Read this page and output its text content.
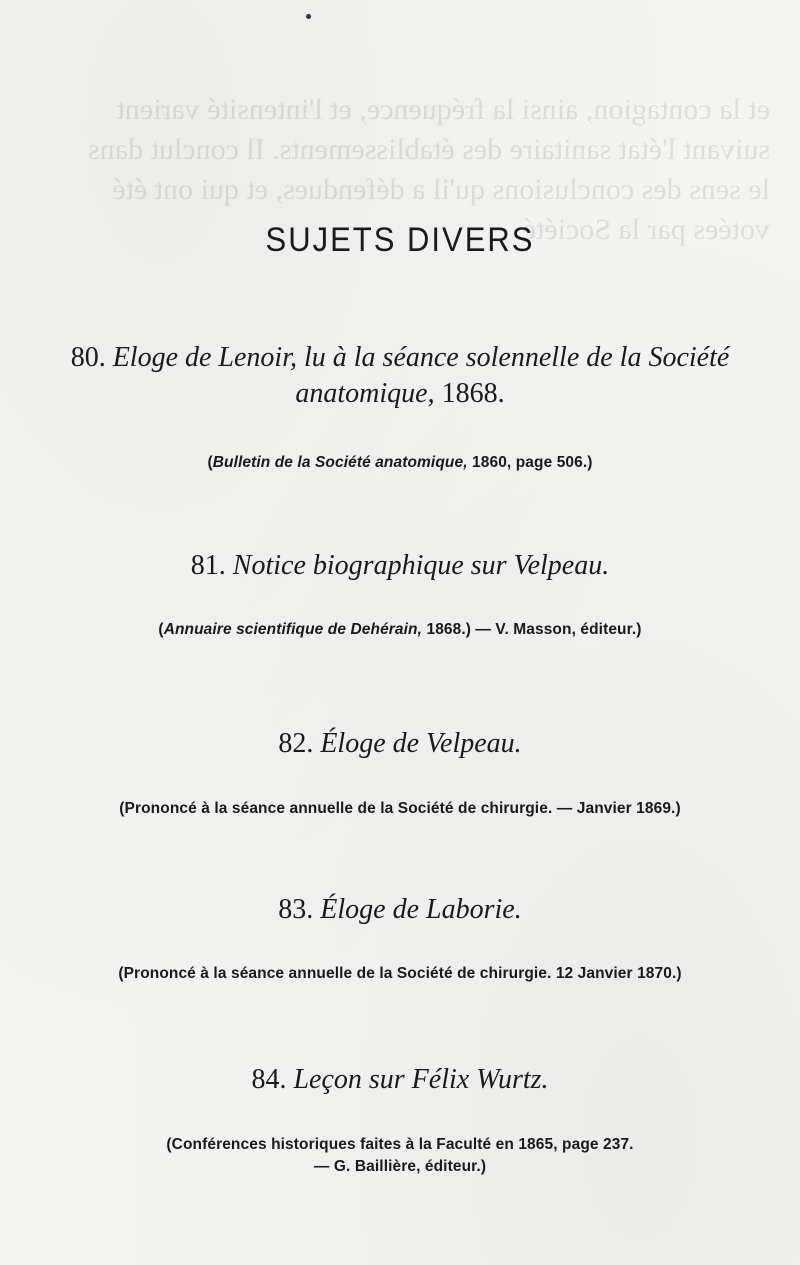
et la contagion, ainsi la fréquence, et l'intensité varient
suivant l'état sanitaire des établissements. Il conclut dans
le sens des conclusions qu'il a défendues, et qui ont été
votées par la Société.
SUJETS DIVERS
80. Eloge de Lenoir, lu à la séance solennelle de la Société
anatomique, 1868.
(Bulletin de la Société anatomique, 1860, page 506.)
81. Notice biographique sur Velpeau.
(Annuaire scientifique de Dehérain, 1868.) — V. Masson, éditeur.)
82. Éloge de Velpeau.
(Prononcé à la séance annuelle de la Société de chirurgie. — Janvier 1869.)
83. Éloge de Laborie.
(Prononcé à la séance annuelle de la Société de chirurgie. 12 Janvier 1870.)
84. Leçon sur Félix Wurtz.
(Conférences historiques faites à la Faculté en 1865, page 237.
— G. Baillière, éditeur.)
